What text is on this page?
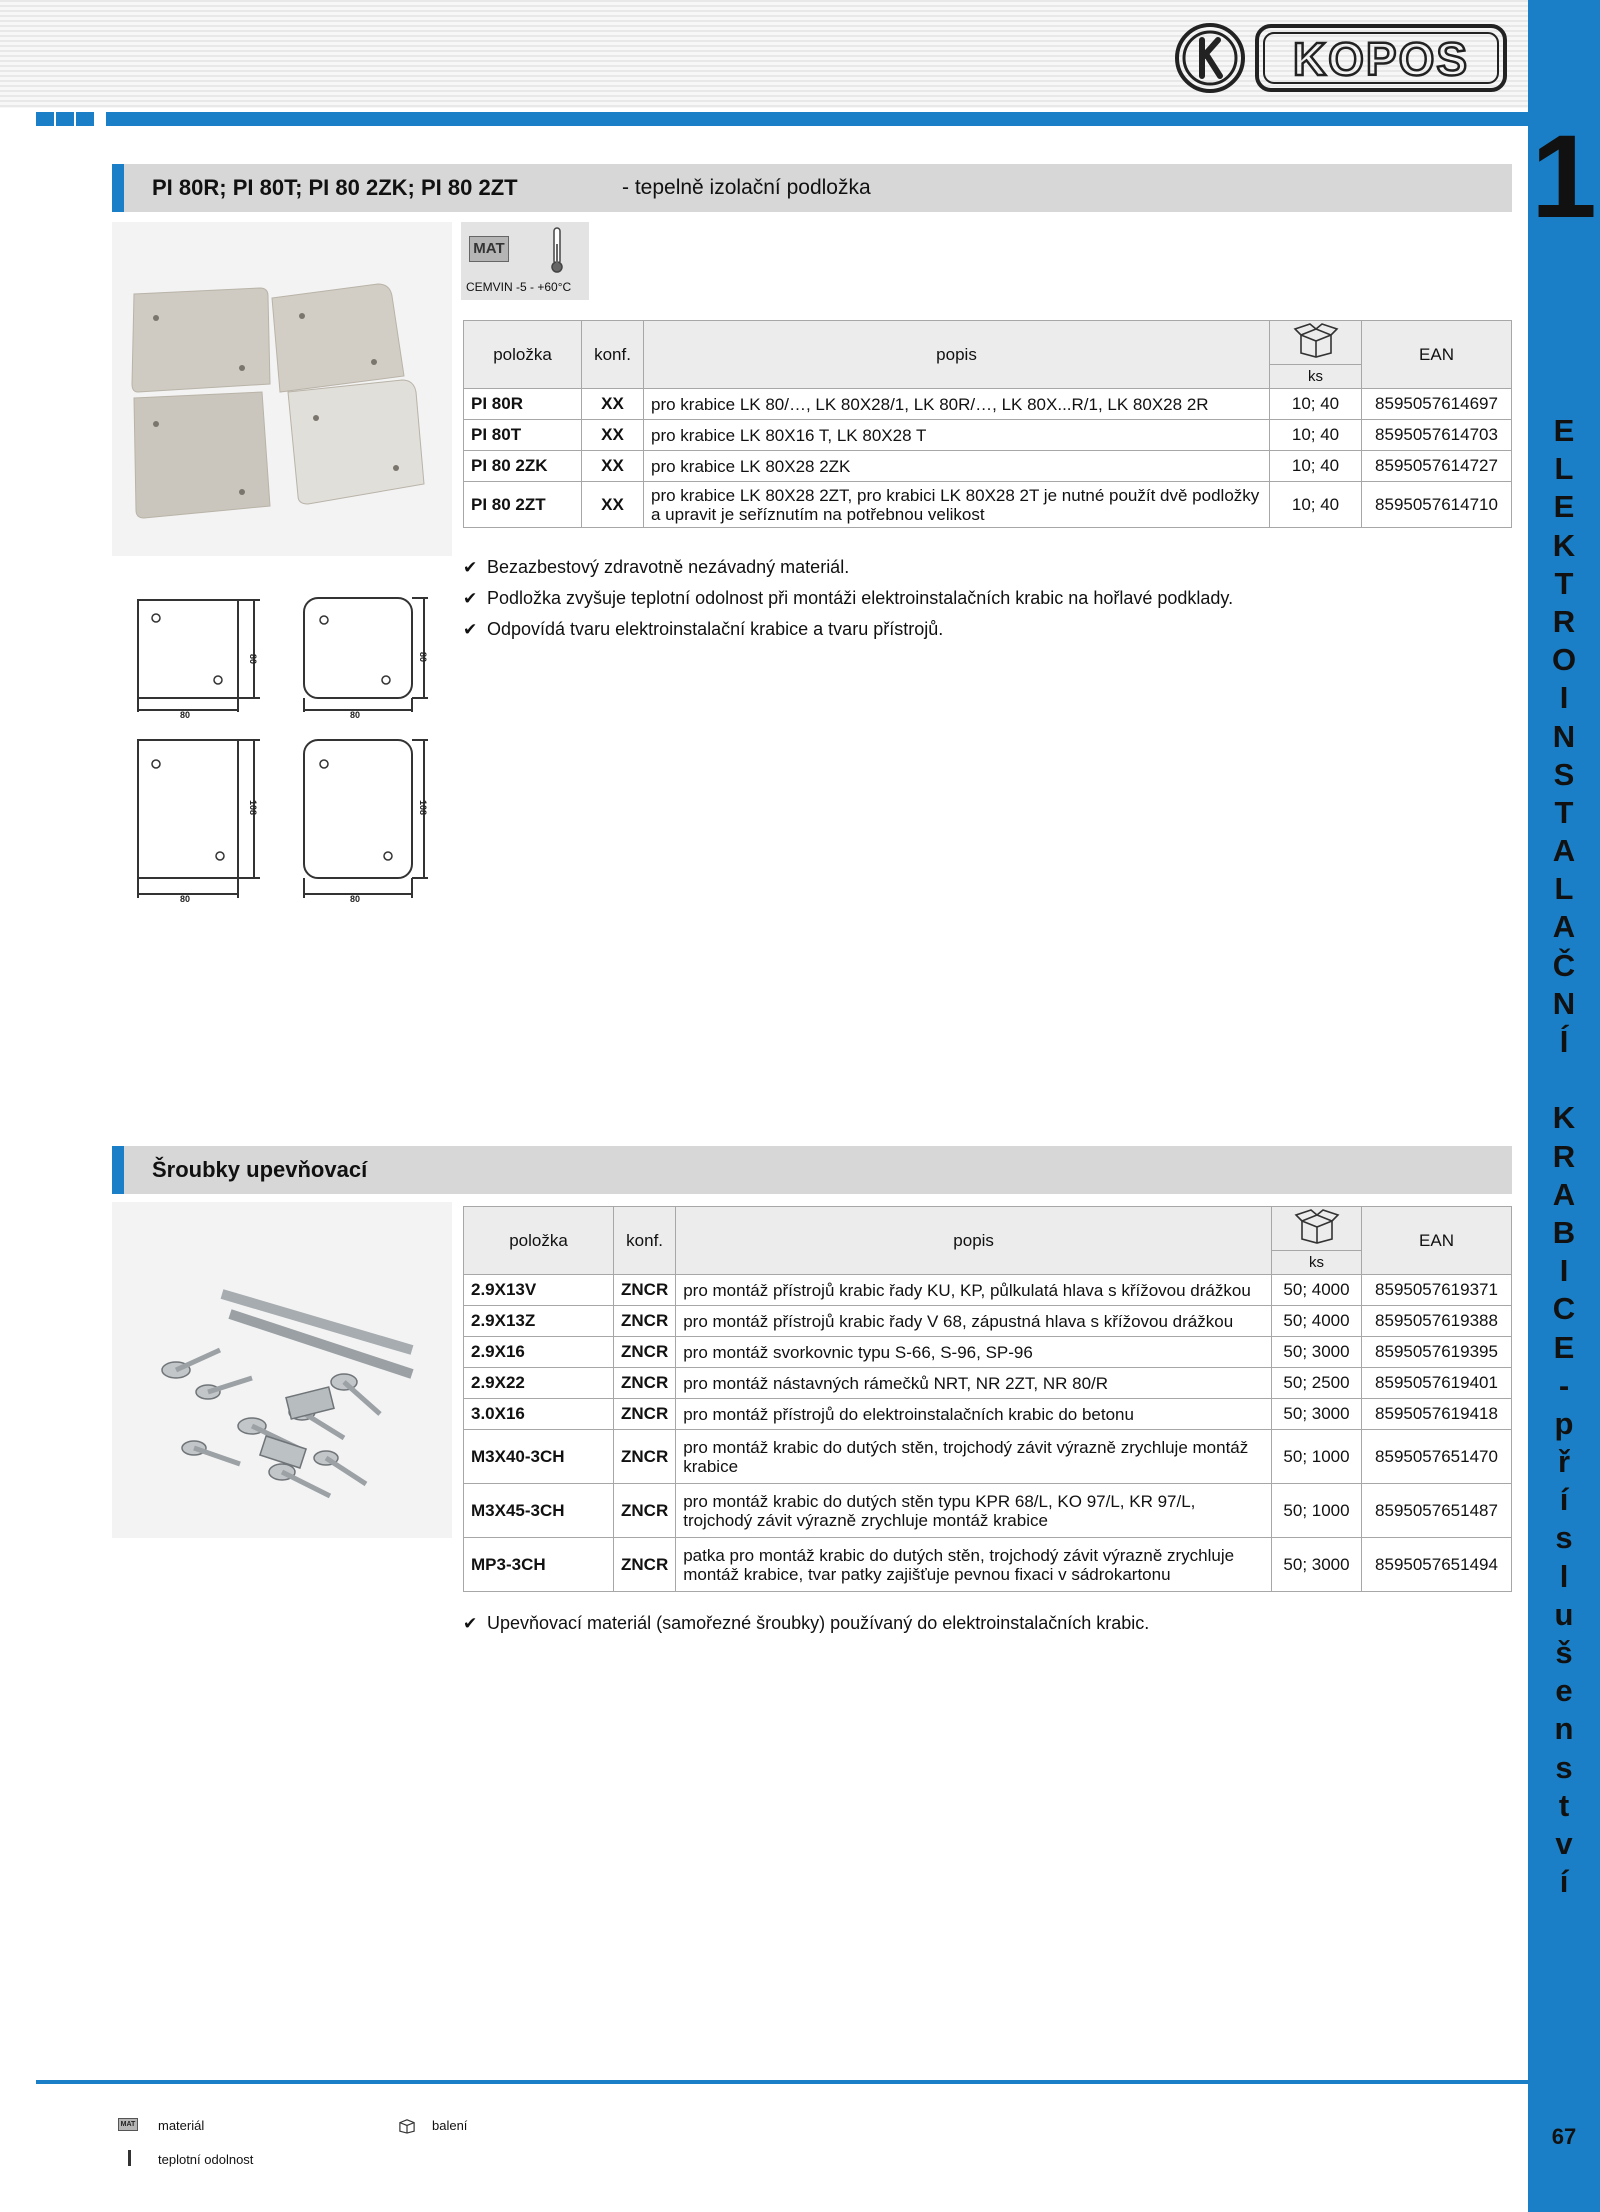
KOPOS
1
E
L
E
K
T
R
O
I
N
S
T
A
L
A
Č
N
Í
K
R
A
B
I
C
E
-
p
ř
í
s
l
u
š
e
n
s
t
v
í
67
PI 80R; PI 80T; PI 80 2ZK; PI 80 2ZT	- tepelně izolační podložka
80	80
80	80
80	80
108	108
MAT
CEMVIN -5 - +60°C
položka	konf.	popis		EAN
			ks	
PI 80R	XX	pro krabice LK 80/…, LK 80X28/1, LK 80R/…, LK 80X...R/1, LK 80X28 2R	10; 40	8595057614697
PI 80T	XX	pro krabice LK 80X16 T, LK 80X28 T	10; 40	8595057614703
PI 80 2ZK	XX	pro krabice LK 80X28 2ZK	10; 40	8595057614727
PI 80 2ZT	XX	pro krabice LK 80X28 2ZT, pro krabici LK 80X28 2T je nutné použít dvě podložky a upravit je seříznutím na potřebnou velikost	10; 40	8595057614710
✔ Bezazbestový zdravotně nezávadný materiál.
✔ Podložka zvyšuje teplotní odolnost při montáži elektroinstalačních krabic na hořlavé podklady.
✔ Odpovídá tvaru elektroinstalační krabice a tvaru přístrojů.
Šroubky upevňovací
položka	konf.	popis		EAN
			ks	
2.9X13V	ZNCR	pro montáž přístrojů krabic řady KU, KP, půlkulatá hlava s křížovou drážkou	50; 4000	8595057619371
2.9X13Z	ZNCR	pro montáž přístrojů krabic řady V 68, zápustná hlava s křížovou drážkou	50; 4000	8595057619388
2.9X16	ZNCR	pro montáž svorkovnic typu S-66, S-96, SP-96	50; 3000	8595057619395
2.9X22	ZNCR	pro montáž nástavných rámečků NRT, NR 2ZT, NR 80/R	50; 2500	8595057619401
3.0X16	ZNCR	pro montáž přístrojů do elektroinstalačních krabic do betonu	50; 3000	8595057619418
M3X40-3CH	ZNCR	pro montáž krabic do dutých stěn, trojchodý závit výrazně zrychluje montáž krabice	50; 1000	8595057651470
M3X45-3CH	ZNCR	pro montáž krabic do dutých stěn typu KPR 68/L, KO 97/L, KR 97/L, trojchodý závit výrazně zrychluje montáž krabice	50; 1000	8595057651487
MP3-3CH	ZNCR	patka pro montáž krabic do dutých stěn, trojchodý závit výrazně zrychluje montáž krabice, tvar patky zajišťuje pevnou fixaci v sádrokartonu	50; 3000	8595057651494
✔ Upevňovací materiál (samořezné šroubky) používaný do elektroinstalačních krabic.
MAT materiál	balení
teplotní odolnost
